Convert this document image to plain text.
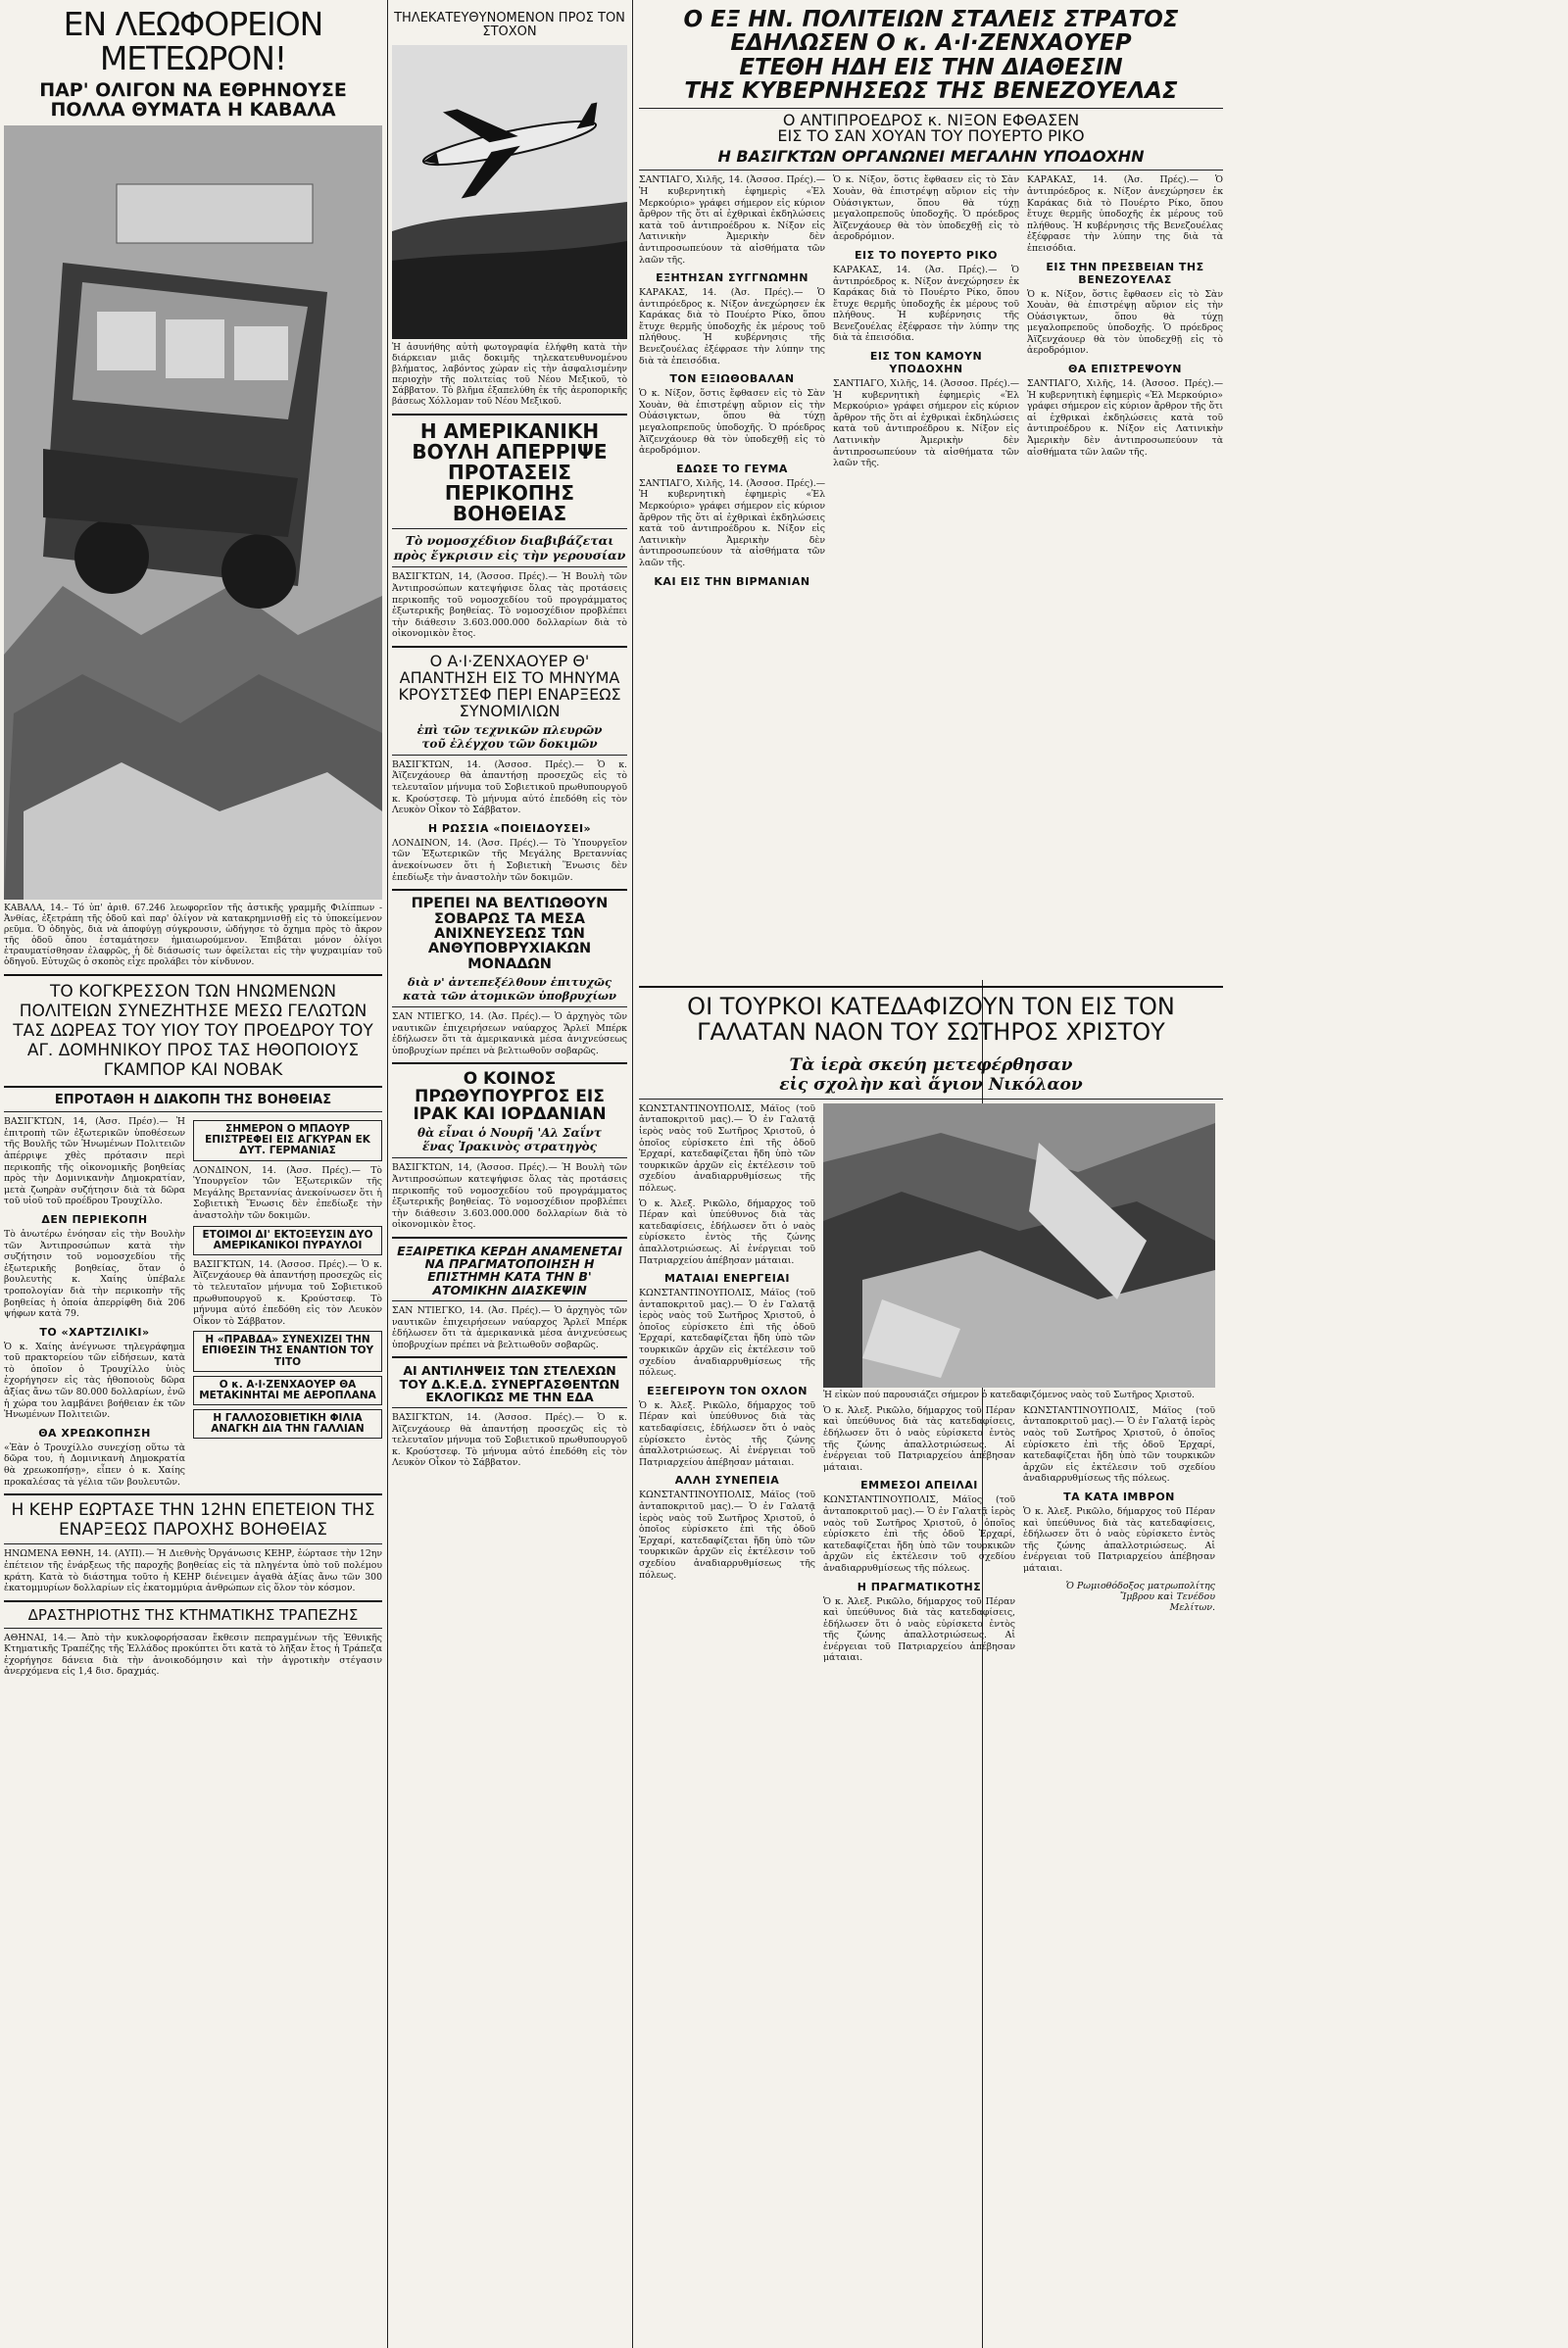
ΕΝ ΛΕΩΦΟΡΕΙΟΝ ΜΕΤΕΩΡΟΝ!
ΠΑΡ' ΟΛΙΓΟΝ ΝΑ ΕΘΡΗΝΟΥΣΕ
ΠΟΛΛΑ ΘΥΜΑΤΑ Η ΚΑΒΑΛΑ

ΚΑΒΑΛΑ, 14.– Τό ὑπ' ἀριθ. 67.246 λεωφορεῖον τῆς ἀστικῆς γραμμῆς Φιλίππων - Ἀνθίας, ἐξετράπη τῆς ὁδοῦ καὶ παρ' ὀλίγον νὰ κατακρημνισθῇ εἰς τὸ ὑποκείμενον ρεῦμα. Ὁ ὁδηγὸς, διὰ νὰ ἀποφύγῃ σύγκρουσιν, ὡδήγησε τὸ ὄχημα πρὸς τὸ ἄκρον τῆς ὁδοῦ ὅπου ἐσταμάτησεν ἡμιαιωρούμενον. Ἐπιβάται μόνον ὀλίγοι ἐτραυματίσθησαν ἐλαφρῶς, ἡ δὲ διάσωσίς των ὀφείλεται εἰς τὴν ψυχραιμίαν τοῦ ὁδηγοῦ. Εὐτυχῶς ὁ σκοπὸς εἶχε προλάβει τὸν κίνδυνον.

ΤΟ ΚΟΓΚΡΕΣΣΟΝ ΤΩΝ ΗΝΩΜΕΝΩΝ ΠΟΛΙΤΕΙΩΝ ΣΥΝΕΖΗΤΗΣΕ ΜΕΣΩ ΓΕΛΩΤΩΝ ΤΑΣ ΔΩΡΕΑΣ ΤΟΥ ΥΙΟΥ ΤΟΥ ΠΡΟΕΔΡΟΥ ΤΟΥ ΑΓ. ΔΟΜΗΝΙΚΟΥ ΠΡΟΣ ΤΑΣ ΗΘΟΠΟΙΟΥΣ ΓΚΑΜΠΟΡ ΚΑΙ ΝΟΒΑΚ
ΕΠΡΟΤΑΘΗ Η ΔΙΑΚΟΠΗ ΤΗΣ ΒΟΗΘΕΙΑΣ

ΒΑΣΙΓΚΤΩΝ, 14, (Ἀσσ. Πρέσ).— Ἡ ἐπιτροπὴ τῶν ἐξωτερικῶν ὑποθέσεων τῆς Βουλῆς τῶν Ἡνωμένων Πολιτειῶν ἀπέρριψε χθὲς πρότασιν περὶ περικοπῆς τῆς οἰκονομικῆς βοηθείας πρὸς τὴν Δομινικανὴν Δημοκρατίαν, μετὰ ζωηρὰν συζήτησιν διὰ τὰ δῶρα τοῦ υἱοῦ τοῦ προέδρου Τρουχίλλο.

ΔΕΝ ΠΕΡΙΕΚΟΠΗ

Τὸ ἀνωτέρω ἐνόησαν εἰς τὴν Βουλὴν τῶν Ἀντιπροσώπων κατὰ τὴν συζήτησιν τοῦ νομοσχεδίου τῆς ἐξωτερικῆς βοηθείας, ὅταν ὁ βουλευτὴς κ. Χαίης ὑπέβαλε τροπολογίαν διὰ τὴν περικοπὴν τῆς βοηθείας ἡ ὁποία ἀπερρίφθη διὰ 206 ψήφων κατὰ 79.

ΤΟ «ΧΑΡΤΖΙΛΙΚΙ»

Ὁ κ. Χαίης ἀνέγνωσε τηλεγράφημα τοῦ πρακτορείου τῶν εἰδήσεων, κατὰ τὸ ὁποῖον ὁ Τρουχίλλο ὑιὸς ἐχορήγησεν εἰς τὰς ἠθοποιοὺς δῶρα ἀξίας ἄνω τῶν 80.000 δολλαρίων, ἐνῶ ἡ χώρα του λαμβάνει βοήθειαν ἐκ τῶν Ἡνωμένων Πολιτειῶν.

ΘΑ ΧΡΕΩΚΟΠΗΣΗ

«Ἐὰν ὁ Τρουχίλλο συνεχίσῃ οὕτω τὰ δῶρα του, ἡ Δομινικανὴ Δημοκρατία θὰ χρεωκοπήσῃ», εἶπεν ὁ κ. Χαίης προκαλέσας τὰ γέλια τῶν βουλευτῶν.

ΣΗΜΕΡΟΝ Ο ΜΠΑΟΥΡ ΕΠΙΣΤΡΕΦΕΙ ΕΙΣ ΑΓΚΥΡΑΝ ΕΚ ΔΥΤ. ΓΕΡΜΑΝΙΑΣ

ΛΟΝΔΙΝΟΝ, 14. (Ἀσσ. Πρές).— Τὸ Ὑπουργεῖον τῶν Ἐξωτερικῶν τῆς Μεγάλης Βρεταννίας ἀνεκοίνωσεν ὅτι ἡ Σοβιετικὴ Ἕνωσις δὲν ἐπεδίωξε τὴν ἀναστολὴν τῶν δοκιμῶν.

ΕΤΟΙΜΟΙ ΔΙ' ΕΚΤΟΞΕΥΣΙΝ ΔΥΟ ΑΜΕΡΙΚΑΝΙΚΟΙ ΠΥΡΑΥΛΟΙ

ΒΑΣΙΓΚΤΩΝ, 14. (Ἀσσοσ. Πρές).— Ὁ κ. Ἀϊζενχάουερ θὰ ἀπαντήσῃ προσεχῶς εἰς τὸ τελευταῖον μήνυμα τοῦ Σοβιετικοῦ πρωθυπουργοῦ κ. Κρούστσεφ. Τὸ μήνυμα αὐτό ἐπεδόθη εἰς τὸν Λευκὸν Οἶκον τὸ Σάββατον.

Η «ΠΡΑΒΔΑ» ΣΥΝΕΧΙΖΕΙ ΤΗΝ ΕΠΙΘΕΣΙΝ ΤΗΣ ΕΝΑΝΤΙΟΝ ΤΟΥ ΤΙΤΟ
Ο κ. Α·Ι·ΖΕΝΧΑΟΥΕΡ ΘΑ ΜΕΤΑΚΙΝΗΤΑΙ ΜΕ ΑΕΡΟΠΛΑΝΑ
Η ΓΑΛΛΟΣΟΒΙΕΤΙΚΗ ΦΙΛΙΑ ΑΝΑΓΚΗ ΔΙΑ ΤΗΝ ΓΑΛΛΙΑΝ
Η ΚΕΗΡ ΕΩΡΤΑΣΕ ΤΗΝ 12ΗΝ ΕΠΕΤΕΙΟΝ ΤΗΣ ΕΝΑΡΞΕΩΣ ΠΑΡΟΧΗΣ ΒΟΗΘΕΙΑΣ

ΗΝΩΜΕΝΑ ΕΘΝΗ, 14. (ΑΥΠ).— Ἡ Διεθνὴς Ὀργάνωσις ΚΕΗΡ, ἑώρτασε τὴν 12ην ἐπέτειον τῆς ἐνάρξεως τῆς παροχῆς βοηθείας εἰς τὰ πληγέντα ὑπὸ τοῦ πολέμου κράτη. Κατὰ τὸ διάστημα τοῦτο ἡ ΚΕΗΡ διένειμεν ἀγαθὰ ἀξίας ἄνω τῶν 300 ἑκατομμυρίων δολλαρίων εἰς ἑκατομμύρια ἀνθρώπων εἰς ὅλον τὸν κόσμον.

ΔΡΑΣΤΗΡΙΟΤΗΣ ΤΗΣ ΚΤΗΜΑΤΙΚΗΣ ΤΡΑΠΕΖΗΣ

ΑΘΗΝΑΙ, 14.— Ἀπὸ τὴν κυκλοφορήσασαν ἔκθεσιν πεπραγμένων τῆς Ἐθνικῆς Κτηματικῆς Τραπέζης τῆς Ἑλλάδος προκύπτει ὅτι κατὰ τὸ λῆξαν ἔτος ἡ Τράπεζα ἐχορήγησε δάνεια διὰ τὴν ἀνοικοδόμησιν καὶ τὴν ἀγροτικὴν στέγασιν ἀνερχόμενα εἰς 1,4 δισ. δραχμάς.

ΤΗΛΕΚΑΤΕΥΘΥΝΟΜΕΝΟΝ ΠΡΟΣ ΤΟΝ ΣΤΟΧΟΝ

Ἡ ἀσυνήθης αὐτὴ φωτογραφία ἐλήφθη κατὰ τὴν διάρκειαν μιᾶς δοκιμῆς τηλεκατευθυνομένου βλήματος, λαβόντος χώραν εἰς τὴν ἀσφαλισμένην περιοχὴν τῆς πολιτείας τοῦ Νέου Μεξικοῦ, τὸ Σάββατον. Τὸ βλῆμα ἐξαπελύθη ἐκ τῆς ἀεροπορικῆς βάσεως Χόλλομαν τοῦ Νέου Μεξικοῦ.

Η ΑΜΕΡΙΚΑΝΙΚΗ ΒΟΥΛΗ ΑΠΕΡΡΙΨΕ ΠΡΟΤΑΣΕΙΣ ΠΕΡΙΚΟΠΗΣ ΒΟΗΘΕΙΑΣ
Τὸ νομοσχέδιον διαβιβάζεται
πρὸς ἔγκρισιν εἰς τὴν γερουσίαν

ΒΑΣΙΓΚΤΩΝ, 14, (Ἀσσοσ. Πρές).— Ἡ Βουλὴ τῶν Ἀντιπροσώπων κατεψήφισε ὅλας τὰς προτάσεις περικοπῆς τοῦ νομοσχεδίου τοῦ προγράμματος ἐξωτερικῆς βοηθείας. Τὸ νομοσχέδιον προβλέπει τὴν διάθεσιν 3.603.000.000 δολλαρίων διὰ τὸ οἰκονομικὸν ἔτος.

Ο Α·Ι·ΖΕΝΧΑΟΥΕΡ Θ' ΑΠΑΝΤΗΣΗ ΕΙΣ ΤΟ ΜΗΝΥΜΑ ΚΡΟΥΣΤΣΕΦ ΠΕΡΙ ΕΝΑΡΞΕΩΣ ΣΥΝΟΜΙΛΙΩΝ
ἐπὶ τῶν τεχνικῶν πλευρῶν
τοῦ ἐλέγχου τῶν δοκιμῶν

ΒΑΣΙΓΚΤΩΝ, 14. (Ἀσσοσ. Πρές).— Ὁ κ. Ἀϊζενχάουερ θὰ ἀπαντήσῃ προσεχῶς εἰς τὸ τελευταῖον μήνυμα τοῦ Σοβιετικοῦ πρωθυπουργοῦ κ. Κρούστσεφ. Τὸ μήνυμα αὐτό ἐπεδόθη εἰς τὸν Λευκὸν Οἶκον τὸ Σάββατον.

Η ΡΩΣΣΙΑ «ΠΟΙΕΙΔΟΥΣΕΙ»

ΛΟΝΔΙΝΟΝ, 14. (Ἀσσ. Πρές).— Τὸ Ὑπουργεῖον τῶν Ἐξωτερικῶν τῆς Μεγάλης Βρεταννίας ἀνεκοίνωσεν ὅτι ἡ Σοβιετικὴ Ἕνωσις δὲν ἐπεδίωξε τὴν ἀναστολὴν τῶν δοκιμῶν.

ΠΡΕΠΕΙ ΝΑ ΒΕΛΤΙΩΘΟΥΝ ΣΟΒΑΡΩΣ ΤΑ ΜΕΣΑ ΑΝΙΧΝΕΥΣΕΩΣ ΤΩΝ ΑΝΘΥΠΟΒΡΥΧΙΑΚΩΝ ΜΟΝΑΔΩΝ
διὰ ν' ἀντεπεξέλθουν ἐπιτυχῶς
κατὰ τῶν ἀτομικῶν ὑποβρυχίων

ΣΑΝ ΝΤΙΕΓΚΟ, 14. (Ἀσ. Πρές).— Ὁ ἀρχηγὸς τῶν ναυτικῶν ἐπιχειρήσεων ναύαρχος Ἄρλεϊ Μπέρκ ἐδήλωσεν ὅτι τὰ ἀμερικανικὰ μέσα ἀνιχνεύσεως ὑποβρυχίων πρέπει νὰ βελτιωθοῦν σοβαρῶς.

Ο ΚΟΙΝΟΣ ΠΡΩΘΥΠΟΥΡΓΟΣ ΕΙΣ ΙΡΑΚ ΚΑΙ ΙΟΡΔΑΝΙΑΝ
θὰ εἶναι ὁ Νουρῆ 'Αλ Σαΐντ
ἕνας Ἰρακινὸς στρατηγὸς

ΒΑΣΙΓΚΤΩΝ, 14, (Ἀσσοσ. Πρές).— Ἡ Βουλὴ τῶν Ἀντιπροσώπων κατεψήφισε ὅλας τὰς προτάσεις περικοπῆς τοῦ νομοσχεδίου τοῦ προγράμματος ἐξωτερικῆς βοηθείας. Τὸ νομοσχέδιον προβλέπει τὴν διάθεσιν 3.603.000.000 δολλαρίων διὰ τὸ οἰκονομικὸν ἔτος.

ΕΞΑΙΡΕΤΙΚΑ ΚΕΡΔΗ ΑΝΑΜΕΝΕΤΑΙ ΝΑ ΠΡΑΓΜΑΤΟΠΟΙΗΣΗ Η ΕΠΙΣΤΗΜΗ ΚΑΤΑ ΤΗΝ Β' ΑΤΟΜΙΚΗΝ ΔΙΑΣΚΕΨΙΝ

ΣΑΝ ΝΤΙΕΓΚΟ, 14. (Ἀσ. Πρές).— Ὁ ἀρχηγὸς τῶν ναυτικῶν ἐπιχειρήσεων ναύαρχος Ἄρλεϊ Μπέρκ ἐδήλωσεν ὅτι τὰ ἀμερικανικὰ μέσα ἀνιχνεύσεως ὑποβρυχίων πρέπει νὰ βελτιωθοῦν σοβαρῶς.

ΑΙ ΑΝΤΙΛΗΨΕΙΣ ΤΩΝ ΣΤΕΛΕΧΩΝ ΤΟΥ Δ.Κ.Ε.Δ. ΣΥΝΕΡΓΑΣΘΕΝΤΩΝ ΕΚΛΟΓΙΚΩΣ ΜΕ ΤΗΝ ΕΔΑ

ΒΑΣΙΓΚΤΩΝ, 14. (Ἀσσοσ. Πρές).— Ὁ κ. Ἀϊζενχάουερ θὰ ἀπαντήσῃ προσεχῶς εἰς τὸ τελευταῖον μήνυμα τοῦ Σοβιετικοῦ πρωθυπουργοῦ κ. Κρούστσεφ. Τὸ μήνυμα αὐτό ἐπεδόθη εἰς τὸν Λευκὸν Οἶκον τὸ Σάββατον.

Ο ΕΞ ΗΝ. ΠΟΛΙΤΕΙΩΝ ΣΤΑΛΕΙΣ ΣΤΡΑΤΟΣ
ΕΔΗΛΩΣΕΝ Ο κ. Α·Ι·ΖΕΝΧΑΟΥΕΡ
ΕΤΕΘΗ ΗΔΗ ΕΙΣ ΤΗΝ ΔΙΑΘΕΣΙΝ
ΤΗΣ ΚΥΒΕΡΝΗΣΕΩΣ ΤΗΣ ΒΕΝΕΖΟΥΕΛΑΣ
Ο ΑΝΤΙΠΡΟΕΔΡΟΣ κ. ΝΙΞΟΝ ΕΦΘΑΣΕΝ
ΕΙΣ ΤΟ ΣΑΝ ΧΟΥΑΝ ΤΟΥ ΠΟΥΕΡΤΟ ΡΙΚΟ
Η ΒΑΣΙΓΚΤΩΝ ΟΡΓΑΝΩΝΕΙ ΜΕΓΑΛΗΝ ΥΠΟΔΟΧΗΝ

ΣΑΝΤΙΑΓΟ, Χιλῆς, 14. (Ἀσσοσ. Πρές).— Ἡ κυβερνητικὴ ἐφημερὶς «Ἐλ Μερκούριο» γράφει σήμερον εἰς κύριον ἄρθρον τῆς ὅτι αἱ ἐχθρικαὶ ἐκδηλώσεις κατὰ τοῦ ἀντιπροέδρου κ. Νίξον εἰς Λατινικὴν Ἀμερικὴν δὲν ἀντιπροσωπεύουν τὰ αἰσθήματα τῶν λαῶν τῆς.

ΕΞΗΤΗΣΑΝ ΣΥΓΓΝΩΜΗΝ

ΚΑΡΑΚΑΣ, 14. (Ἀσ. Πρές).— Ὁ ἀντιπρόεδρος κ. Νίξον ἀνεχώρησεν ἐκ Καράκας διὰ τὸ Πουέρτο Ρίκο, ὅπου ἔτυχε θερμῆς ὑποδοχῆς ἐκ μέρους τοῦ πλήθους. Ἡ κυβέρνησις τῆς Βενεζουέλας ἐξέφρασε τὴν λύπην της διὰ τὰ ἐπεισόδια.

ΤΟΝ ΕΞΙΩΘΟΒΑΛΑΝ

Ὁ κ. Νίξον, ὅστις ἔφθασεν εἰς τὸ Σὰν Χουὰν, θὰ ἐπιστρέψῃ αὔριον εἰς τὴν Οὐάσιγκτων, ὅπου θὰ τύχῃ μεγαλοπρεποῦς ὑποδοχῆς. Ὁ πρόεδρος Ἀϊζενχάουερ θὰ τὸν ὑποδεχθῇ εἰς τὸ ἀεροδρόμιον.

ΕΔΩΣΕ ΤΟ ΓΕΥΜΑ

ΣΑΝΤΙΑΓΟ, Χιλῆς, 14. (Ἀσσοσ. Πρές).— Ἡ κυβερνητικὴ ἐφημερὶς «Ἐλ Μερκούριο» γράφει σήμερον εἰς κύριον ἄρθρον τῆς ὅτι αἱ ἐχθρικαὶ ἐκδηλώσεις κατὰ τοῦ ἀντιπροέδρου κ. Νίξον εἰς Λατινικὴν Ἀμερικὴν δὲν ἀντιπροσωπεύουν τὰ αἰσθήματα τῶν λαῶν τῆς.

ΚΑΙ ΕΙΣ ΤΗΝ ΒΙΡΜΑΝΙΑΝ

Ὁ κ. Νίξον, ὅστις ἔφθασεν εἰς τὸ Σὰν Χουὰν, θὰ ἐπιστρέψῃ αὔριον εἰς τὴν Οὐάσιγκτων, ὅπου θὰ τύχῃ μεγαλοπρεποῦς ὑποδοχῆς. Ὁ πρόεδρος Ἀϊζενχάουερ θὰ τὸν ὑποδεχθῇ εἰς τὸ ἀεροδρόμιον.

ΕΙΣ ΤΟ ΠΟΥΕΡΤΟ ΡΙΚΟ

ΚΑΡΑΚΑΣ, 14. (Ἀσ. Πρές).— Ὁ ἀντιπρόεδρος κ. Νίξον ἀνεχώρησεν ἐκ Καράκας διὰ τὸ Πουέρτο Ρίκο, ὅπου ἔτυχε θερμῆς ὑποδοχῆς ἐκ μέρους τοῦ πλήθους. Ἡ κυβέρνησις τῆς Βενεζουέλας ἐξέφρασε τὴν λύπην της διὰ τὰ ἐπεισόδια.

ΕΙΣ ΤΟΝ ΚΑΜΟΥΝ ΥΠΟΔΟΧΗΝ

ΣΑΝΤΙΑΓΟ, Χιλῆς, 14. (Ἀσσοσ. Πρές).— Ἡ κυβερνητικὴ ἐφημερὶς «Ἐλ Μερκούριο» γράφει σήμερον εἰς κύριον ἄρθρον τῆς ὅτι αἱ ἐχθρικαὶ ἐκδηλώσεις κατὰ τοῦ ἀντιπροέδρου κ. Νίξον εἰς Λατινικὴν Ἀμερικὴν δὲν ἀντιπροσωπεύουν τὰ αἰσθήματα τῶν λαῶν τῆς.

ΚΑΡΑΚΑΣ, 14. (Ἀσ. Πρές).— Ὁ ἀντιπρόεδρος κ. Νίξον ἀνεχώρησεν ἐκ Καράκας διὰ τὸ Πουέρτο Ρίκο, ὅπου ἔτυχε θερμῆς ὑποδοχῆς ἐκ μέρους τοῦ πλήθους. Ἡ κυβέρνησις τῆς Βενεζουέλας ἐξέφρασε τὴν λύπην της διὰ τὰ ἐπεισόδια.

ΕΙΣ ΤΗΝ ΠΡΕΣΒΕΙΑΝ ΤΗΣ ΒΕΝΕΖΟΥΕΛΑΣ

Ὁ κ. Νίξον, ὅστις ἔφθασεν εἰς τὸ Σὰν Χουὰν, θὰ ἐπιστρέψῃ αὔριον εἰς τὴν Οὐάσιγκτων, ὅπου θὰ τύχῃ μεγαλοπρεποῦς ὑποδοχῆς. Ὁ πρόεδρος Ἀϊζενχάουερ θὰ τὸν ὑποδεχθῇ εἰς τὸ ἀεροδρόμιον.

ΘΑ ΕΠΙΣΤΡΕΨΟΥΝ

ΣΑΝΤΙΑΓΟ, Χιλῆς, 14. (Ἀσσοσ. Πρές).— Ἡ κυβερνητικὴ ἐφημερὶς «Ἐλ Μερκούριο» γράφει σήμερον εἰς κύριον ἄρθρον τῆς ὅτι αἱ ἐχθρικαὶ ἐκδηλώσεις κατὰ τοῦ ἀντιπροέδρου κ. Νίξον εἰς Λατινικὴν Ἀμερικὴν δὲν ἀντιπροσωπεύουν τὰ αἰσθήματα τῶν λαῶν τῆς.

ΟΙ ΤΟΥΡΚΟΙ ΚΑΤΕΔΑΦΙΖΟΥΝ ΤΟΝ ΕΙΣ ΤΟΝ ΓΑΛΑΤΑΝ ΝΑΟΝ ΤΟΥ ΣΩΤΗΡΟΣ ΧΡΙΣΤΟΥ
Τὰ ἱερὰ σκεύη μετεφέρθησαν
εἰς σχολὴν καὶ ἅγιον Νικόλαον

ΚΩΝΣΤΑΝΤΙΝΟΥΠΟΛΙΣ, Μάϊος (τοῦ ἀνταποκριτοῦ μας).— Ὁ ἐν Γαλατᾷ ἱερὸς ναὸς τοῦ Σωτῆρος Χριστοῦ, ὁ ὁποῖος εὑρίσκετο ἐπὶ τῆς ὁδοῦ Ἑρχαρί, κατεδαφίζεται ἤδη ὑπὸ τῶν τουρκικῶν ἀρχῶν εἰς ἐκτέλεσιν τοῦ σχεδίου ἀναδιαρρυθμίσεως τῆς πόλεως.

Ὁ κ. Ἀλεξ. Ρικῶλο, δήμαρχος τοῦ Πέραν καὶ ὑπεύθυνος διὰ τὰς κατεδαφίσεις, ἐδήλωσεν ὅτι ὁ ναὸς εὑρίσκετο ἐντὸς τῆς ζώνης ἀπαλλοτριώσεως. Αἱ ἐνέργειαι τοῦ Πατριαρχείου ἀπέβησαν μάταιαι.

ΜΑΤΑΙΑΙ ΕΝΕΡΓΕΙΑΙ

ΚΩΝΣΤΑΝΤΙΝΟΥΠΟΛΙΣ, Μάϊος (τοῦ ἀνταποκριτοῦ μας).— Ὁ ἐν Γαλατᾷ ἱερὸς ναὸς τοῦ Σωτῆρος Χριστοῦ, ὁ ὁποῖος εὑρίσκετο ἐπὶ τῆς ὁδοῦ Ἑρχαρί, κατεδαφίζεται ἤδη ὑπὸ τῶν τουρκικῶν ἀρχῶν εἰς ἐκτέλεσιν τοῦ σχεδίου ἀναδιαρρυθμίσεως τῆς πόλεως.

ΕΞΕΓΕΙΡΟΥΝ ΤΟΝ ΟΧΛΟΝ

Ὁ κ. Ἀλεξ. Ρικῶλο, δήμαρχος τοῦ Πέραν καὶ ὑπεύθυνος διὰ τὰς κατεδαφίσεις, ἐδήλωσεν ὅτι ὁ ναὸς εὑρίσκετο ἐντὸς τῆς ζώνης ἀπαλλοτριώσεως. Αἱ ἐνέργειαι τοῦ Πατριαρχείου ἀπέβησαν μάταιαι.

ΑΛΛΗ ΣΥΝΕΠΕΙΑ

ΚΩΝΣΤΑΝΤΙΝΟΥΠΟΛΙΣ, Μάϊος (τοῦ ἀνταποκριτοῦ μας).— Ὁ ἐν Γαλατᾷ ἱερὸς ναὸς τοῦ Σωτῆρος Χριστοῦ, ὁ ὁποῖος εὑρίσκετο ἐπὶ τῆς ὁδοῦ Ἑρχαρί, κατεδαφίζεται ἤδη ὑπὸ τῶν τουρκικῶν ἀρχῶν εἰς ἐκτέλεσιν τοῦ σχεδίου ἀναδιαρρυθμίσεως τῆς πόλεως.

Ἡ εἰκὼν πού παρουσιάζει σήμερον ὁ κατεδαφιζόμενος ναὸς τοῦ Σωτῆρος Χριστοῦ.

Ὁ κ. Ἀλεξ. Ρικῶλο, δήμαρχος τοῦ Πέραν καὶ ὑπεύθυνος διὰ τὰς κατεδαφίσεις, ἐδήλωσεν ὅτι ὁ ναὸς εὑρίσκετο ἐντὸς τῆς ζώνης ἀπαλλοτριώσεως. Αἱ ἐνέργειαι τοῦ Πατριαρχείου ἀπέβησαν μάταιαι.

ΕΜΜΕΣΟΙ ΑΠΕΙΛΑΙ

ΚΩΝΣΤΑΝΤΙΝΟΥΠΟΛΙΣ, Μάϊος (τοῦ ἀνταποκριτοῦ μας).— Ὁ ἐν Γαλατᾷ ἱερὸς ναὸς τοῦ Σωτῆρος Χριστοῦ, ὁ ὁποῖος εὑρίσκετο ἐπὶ τῆς ὁδοῦ Ἑρχαρί, κατεδαφίζεται ἤδη ὑπὸ τῶν τουρκικῶν ἀρχῶν εἰς ἐκτέλεσιν τοῦ σχεδίου ἀναδιαρρυθμίσεως τῆς πόλεως.

Η ΠΡΑΓΜΑΤΙΚΟΤΗΣ

Ὁ κ. Ἀλεξ. Ρικῶλο, δήμαρχος τοῦ Πέραν καὶ ὑπεύθυνος διὰ τὰς κατεδαφίσεις, ἐδήλωσεν ὅτι ὁ ναὸς εὑρίσκετο ἐντὸς τῆς ζώνης ἀπαλλοτριώσεως. Αἱ ἐνέργειαι τοῦ Πατριαρχείου ἀπέβησαν μάταιαι.

ΚΩΝΣΤΑΝΤΙΝΟΥΠΟΛΙΣ, Μάϊος (τοῦ ἀνταποκριτοῦ μας).— Ὁ ἐν Γαλατᾷ ἱερὸς ναὸς τοῦ Σωτῆρος Χριστοῦ, ὁ ὁποῖος εὑρίσκετο ἐπὶ τῆς ὁδοῦ Ἑρχαρί, κατεδαφίζεται ἤδη ὑπὸ τῶν τουρκικῶν ἀρχῶν εἰς ἐκτέλεσιν τοῦ σχεδίου ἀναδιαρρυθμίσεως τῆς πόλεως.

ΤΑ ΚΑΤΑ ΙΜΒΡΟΝ

Ὁ κ. Ἀλεξ. Ρικῶλο, δήμαρχος τοῦ Πέραν καὶ ὑπεύθυνος διὰ τὰς κατεδαφίσεις, ἐδήλωσεν ὅτι ὁ ναὸς εὑρίσκετο ἐντὸς τῆς ζώνης ἀπαλλοτριώσεως. Αἱ ἐνέργειαι τοῦ Πατριαρχείου ἀπέβησαν μάταιαι.

Ὁ Ρωμιοθόδοξος ματρωπολίτης
Ἴμβρου καὶ Τενέδου
Μελίτων.
